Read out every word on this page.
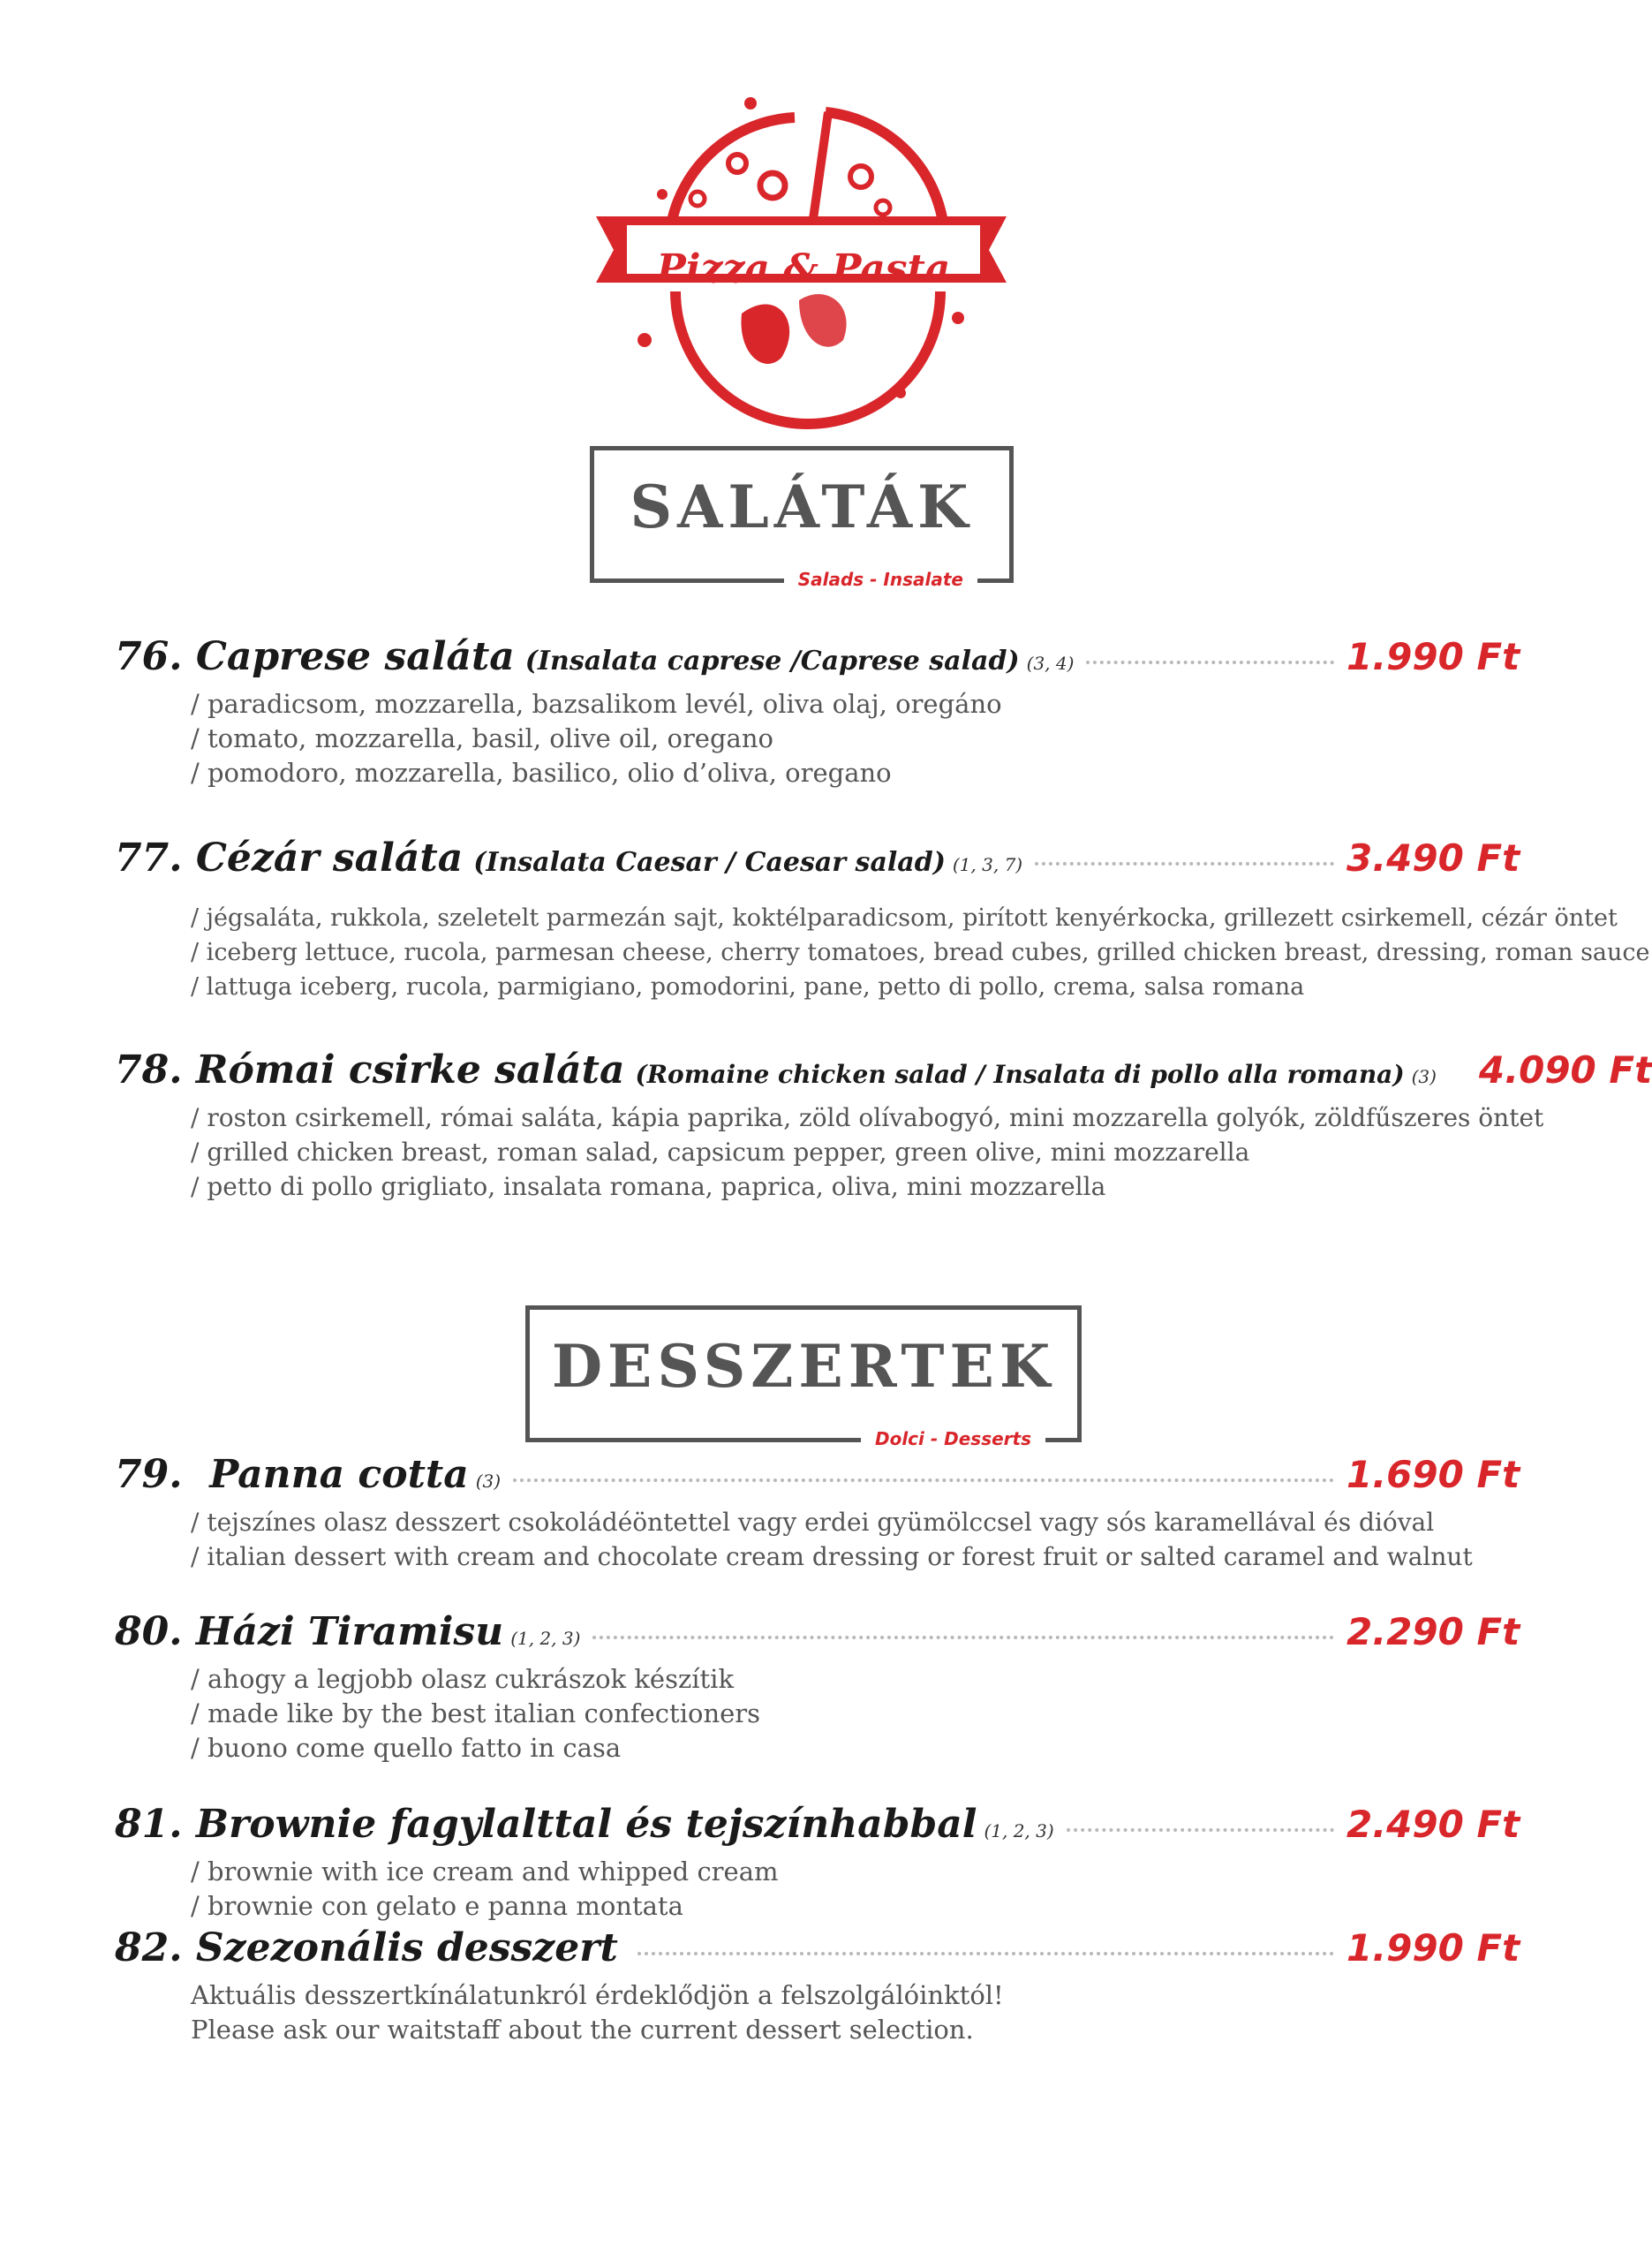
Pizza & Pasta
SALÁTÁK
Salads - Insalate
76. Caprese saláta (Insalata caprese /Caprese salad) (3, 4)	1.990 Ft
/ paradicsom, mozzarella, bazsalikom levél, oliva olaj, oregáno
/ tomato, mozzarella, basil, olive oil, oregano
/ pomodoro, mozzarella, basilico, olio d’oliva, oregano
77. Cézár saláta (Insalata Caesar / Caesar salad) (1, 3, 7)	3.490 Ft
/ jégsaláta, rukkola, szeletelt parmezán sajt, koktélparadicsom, pirított kenyérkocka, grillezett csirkemell, cézár öntet
/ iceberg lettuce, rucola, parmesan cheese, cherry tomatoes, bread cubes, grilled chicken breast, dressing, roman sauce
/ lattuga iceberg, rucola, parmigiano, pomodorini, pane, petto di pollo, crema, salsa romana
78. Római csirke saláta (Romaine chicken salad / Insalata di pollo alla romana) (3) 4.090 Ft
/ roston csirkemell, római saláta, kápia paprika, zöld olívabogyó, mini mozzarella golyók, zöldfűszeres öntet
/ grilled chicken breast, roman salad, capsicum pepper, green olive, mini mozzarella
/ petto di pollo grigliato, insalata romana, paprica, oliva, mini mozzarella
DESSZERTEK
Dolci - Desserts
79. Panna cotta (3)	1.690 Ft
/ tejszínes olasz desszert csokoládéöntettel vagy erdei gyümölccsel vagy sós karamellával és dióval
/ italian dessert with cream and chocolate cream dressing or forest fruit or salted caramel and walnut
80. Házi Tiramisu (1, 2, 3)	2.290 Ft
/ ahogy a legjobb olasz cukrászok készítik
/ made like by the best italian confectioners
/ buono come quello fatto in casa
81. Brownie fagylalttal és tejszínhabbal (1, 2, 3)	2.490 Ft
/ brownie with ice cream and whipped cream
/ brownie con gelato e panna montata
82. Szezonális desszert	1.990 Ft
Aktuális desszertkínálatunkról érdeklődjön a felszolgálóinktól!
Please ask our waitstaff about the current dessert selection.
